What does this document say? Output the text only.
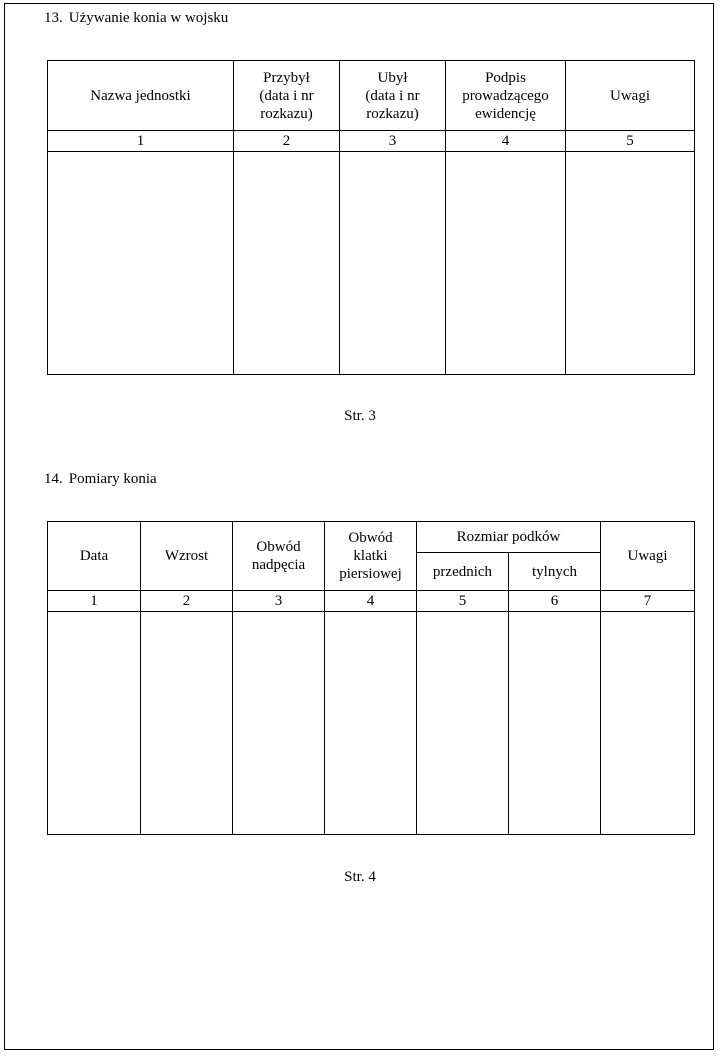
13. Używanie konia w wojsku
Nazwa jednostki	Przybył (data i nr rozkazu)	Ubył (data i nr rozkazu)	Podpis prowadzącego ewidencję	Uwagi
1	2	3	4	5

Str. 3
14. Pomiary konia
Data	Wzrost	Obwód nadpęcia	Obwód klatki piersiowej	Rozmiar podków		Uwagi
				przednich	tylnych	
1	2	3	4	5	6	7

Str. 4
